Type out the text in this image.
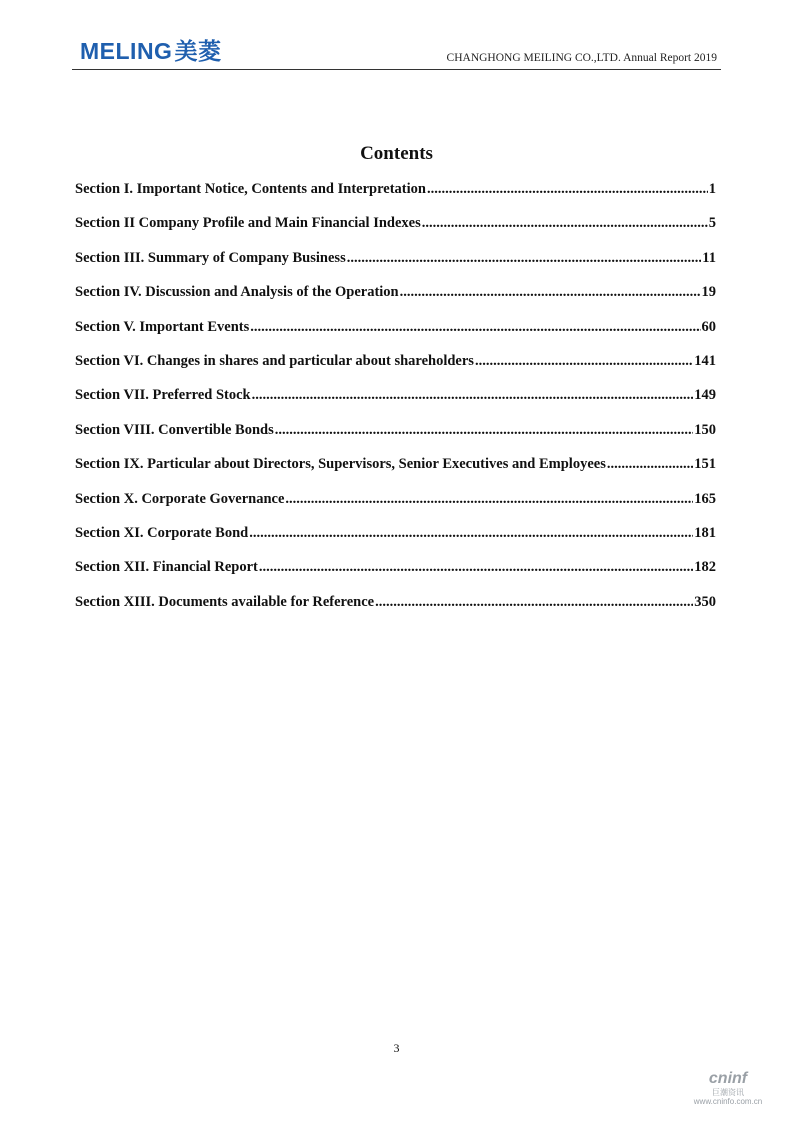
MELING美菱	CHANGHONG MEILING CO.,LTD. Annual Report 2019
Contents
Section I. Important Notice, Contents and Interpretation .....	1
Section II Company Profile and Main Financial Indexes .....	5
Section III. Summary of Company Business .....	11
Section IV. Discussion and Analysis of the Operation .....	19
Section V. Important Events .....	60
Section VI. Changes in shares and particular about shareholders .....	141
Section VII. Preferred Stock .....	149
Section VIII. Convertible Bonds .....	150
Section IX. Particular about Directors, Supervisors, Senior Executives and Employees .....	151
Section X. Corporate Governance .....	165
Section XI. Corporate Bond .....	181
Section XII. Financial Report .....	182
Section XIII. Documents available for Reference .....	350
3
cninf
巨潮资讯
www.cninfo.com.cn
